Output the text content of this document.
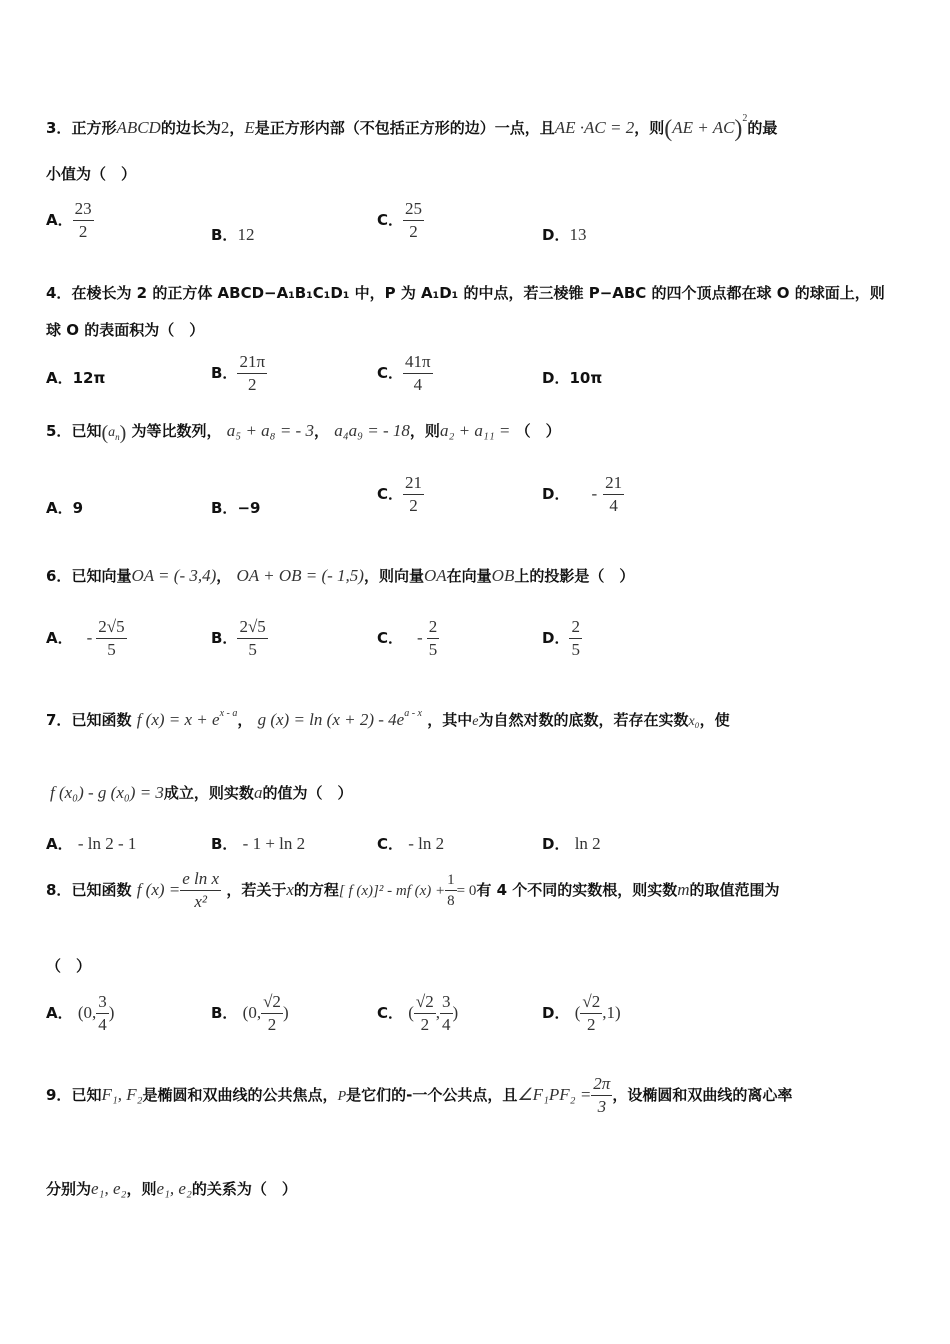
3．正方形ABCD的边长为2，E是正方形内部（不包括正方形的边）一点，且AE ·AC = 2，则(AE + AC)$^2$的最
小值为（　）
A． $\frac{23}{2}$	B．12
C． $\frac{25}{2}$	D．13
4．在棱长为 2 的正方体 ABCD−A₁B₁C₁D₁ 中，P 为 A₁D₁ 的中点，若三棱锥 P−ABC 的四个顶点都在球 O 的球面上，则
球 O 的表面积为（　）
A．12π	B． $\frac{21\pi}{2}$	C． $\frac{41\pi}{4}$	D．10π
5．已知$(a_n)$ 为等比数列， a₅ + a₈ = - 3， a₄a₉ = - 18，则a₂ + a₁₁ = （　）
A．9	B．−9
C． $\frac{21}{2}$	D． - $\frac{21}{4}$
6．已知向量OA = (- 3,4)， OA + OB = (- 1,5)，则向量OA在向量OB上的投影是（　）
A． - $\frac{2√5}{5}$	B． $\frac{2√5}{5}$	C． - $\frac{2}{5}$	D． $\frac{2}{5}$
7．已知函数 f $(x) = x + e^{x - a}$， g $(x) = \ln (x + 2) - 4e^{a - x}$ ，其中e为自然对数的底数，若存在实数x₀，使
f (x₀) - g (x₀) = 3成立，则实数a的值为（　）
A． - ln 2 - 1	B． - 1 + ln 2	C． - ln 2	D． ln 2
8．已知函数 f $(x) = \frac{\text{e ln x}}{\text{x²}}$ ，若关于x的方程[ f (x)]² - mf $(x) + \frac{1}{8} = 0$有 4 个不同的实数根，则实数m的取值范围为
（　）
A． (0, $\frac{3}{4}$ )	B． (0, $\frac{√2}{2}$ )	C． ( $\frac{√2}{2}$ , $\frac{3}{4}$ )	D． ( $\frac{√2}{2} ,1$)
9．已知F₁, F₂是椭圆和双曲线的公共焦点，P是它们的-一个公共点，且∠F₁PF₂ = $\frac{2\pi}{3}$ ，设椭圆和双曲线的离心率
分别为e₁, e₂，则e₁, e₂的关系为（　）
